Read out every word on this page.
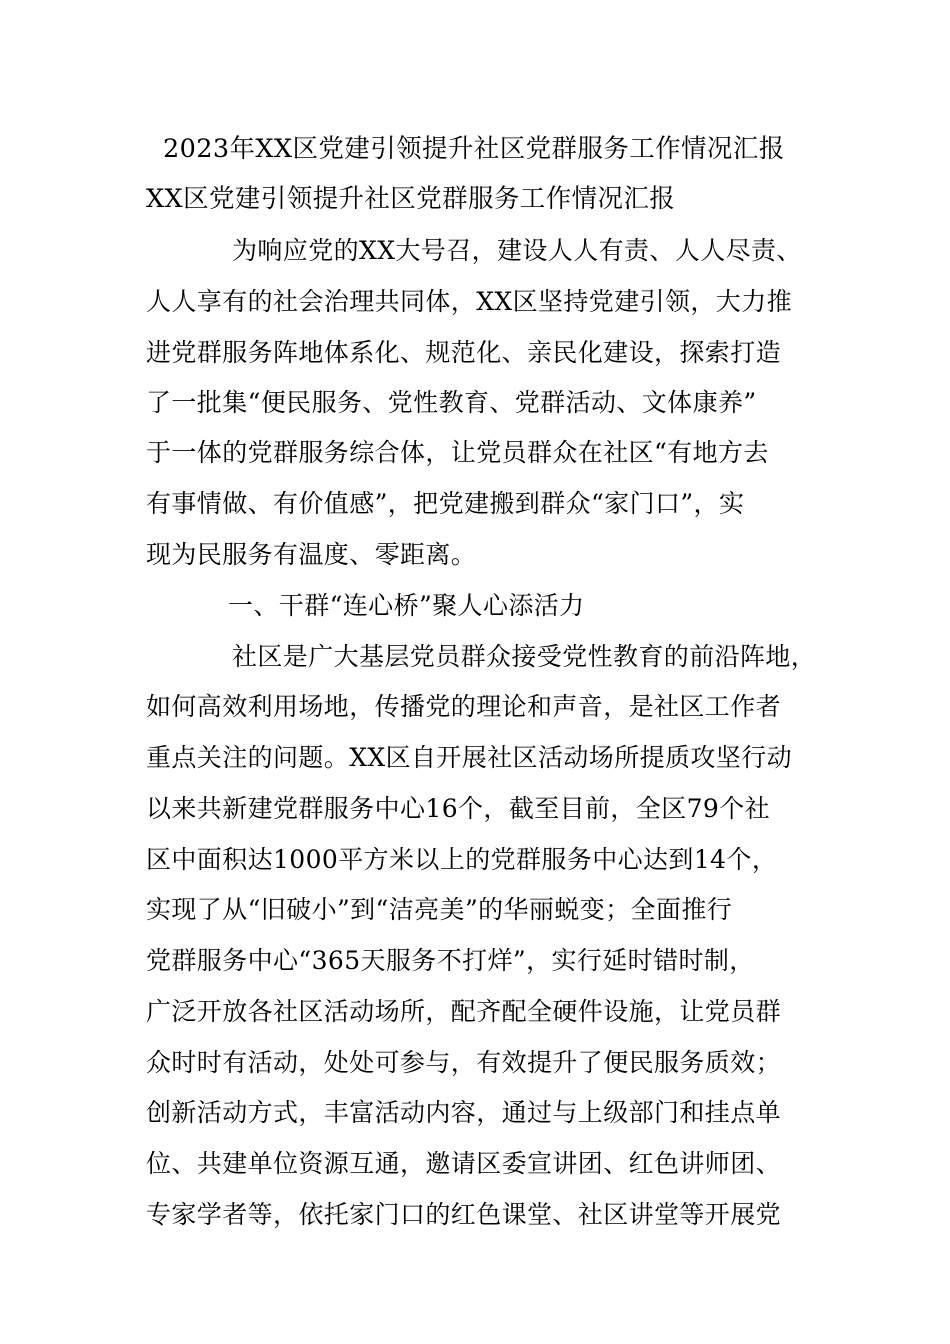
2023年XX区党建引领提升社区党群服务工作情况汇报
XX区党建引领提升社区党群服务工作情况汇报
为响应党的XX大号召，建设人人有责、人人尽责、
人人享有的社会治理共同体，XX区坚持党建引领，大力推
进党群服务阵地体系化、规范化、亲民化建设，探索打造
了一批集“便民服务、党性教育、党群活动、文体康养”
于一体的党群服务综合体，让党员群众在社区“有地方去
有事情做、有价值感”，把党建搬到群众“家门口”，实
现为民服务有温度、零距离。
一、干群“连心桥”聚人心添活力
社区是广大基层党员群众接受党性教育的前沿阵地，
如何高效利用场地，传播党的理论和声音，是社区工作者
重点关注的问题。XX区自开展社区活动场所提质攻坚行动
以来共新建党群服务中心16个，截至目前，全区79个社
区中面积达1000平方米以上的党群服务中心达到14个，
实现了从“旧破小”到“洁亮美”的华丽蜕变；全面推行
党群服务中心“365天服务不打烊”，实行延时错时制，
广泛开放各社区活动场所，配齐配全硬件设施，让党员群
众时时有活动，处处可参与，有效提升了便民服务质效；
创新活动方式，丰富活动内容，通过与上级部门和挂点单
位、共建单位资源互通，邀请区委宣讲团、红色讲师团、
专家学者等，依托家门口的红色课堂、社区讲堂等开展党
